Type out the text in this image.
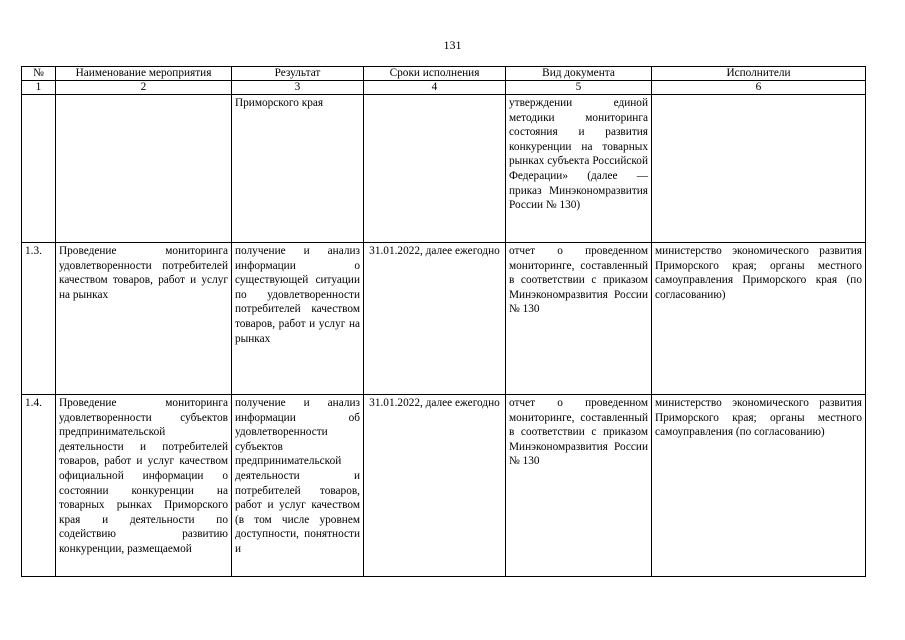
131
№	Наименование мероприятия	Результат	Сроки исполнения	Вид документа	Исполнители
1	2	3	4	5	6
		Приморского края		утверждении единой методики мониторинга состояния и развития конкуренции на товарных рынках субъекта Российской Федерации» (далее — приказ Минэкономразвития России № 130)	
1.3.	Проведение мониторинга удовлетворенности потребителей качеством товаров, работ и услуг на рынках	получение и анализ информации о существующей ситуации по удовлетворенности потребителей качеством товаров, работ и услуг на рынках	31.01.2022, далее ежегодно	отчет о проведенном мониторинге, составленный в соответствии с приказом Минэкономразвития России № 130	министерство экономического развития Приморского края; органы местного самоуправления Приморского края (по согласованию)
1.4.	Проведение мониторинга удовлетворенности субъектов предпринимательской деятельности и потребителей товаров, работ и услуг качеством официальной информации о состоянии конкуренции на товарных рынках Приморского края и деятельности по содействию развитию конкуренции, размещаемой	получение и анализ информации об удовлетворенности субъектов предпринимательской деятельности и потребителей товаров, работ и услуг качеством (в том числе уровнем доступности, понятности и	31.01.2022, далее ежегодно	отчет о проведенном мониторинге, составленный в соответствии с приказом Минэкономразвития России № 130	министерство экономического развития Приморского края; органы местного самоуправления (по согласованию)
